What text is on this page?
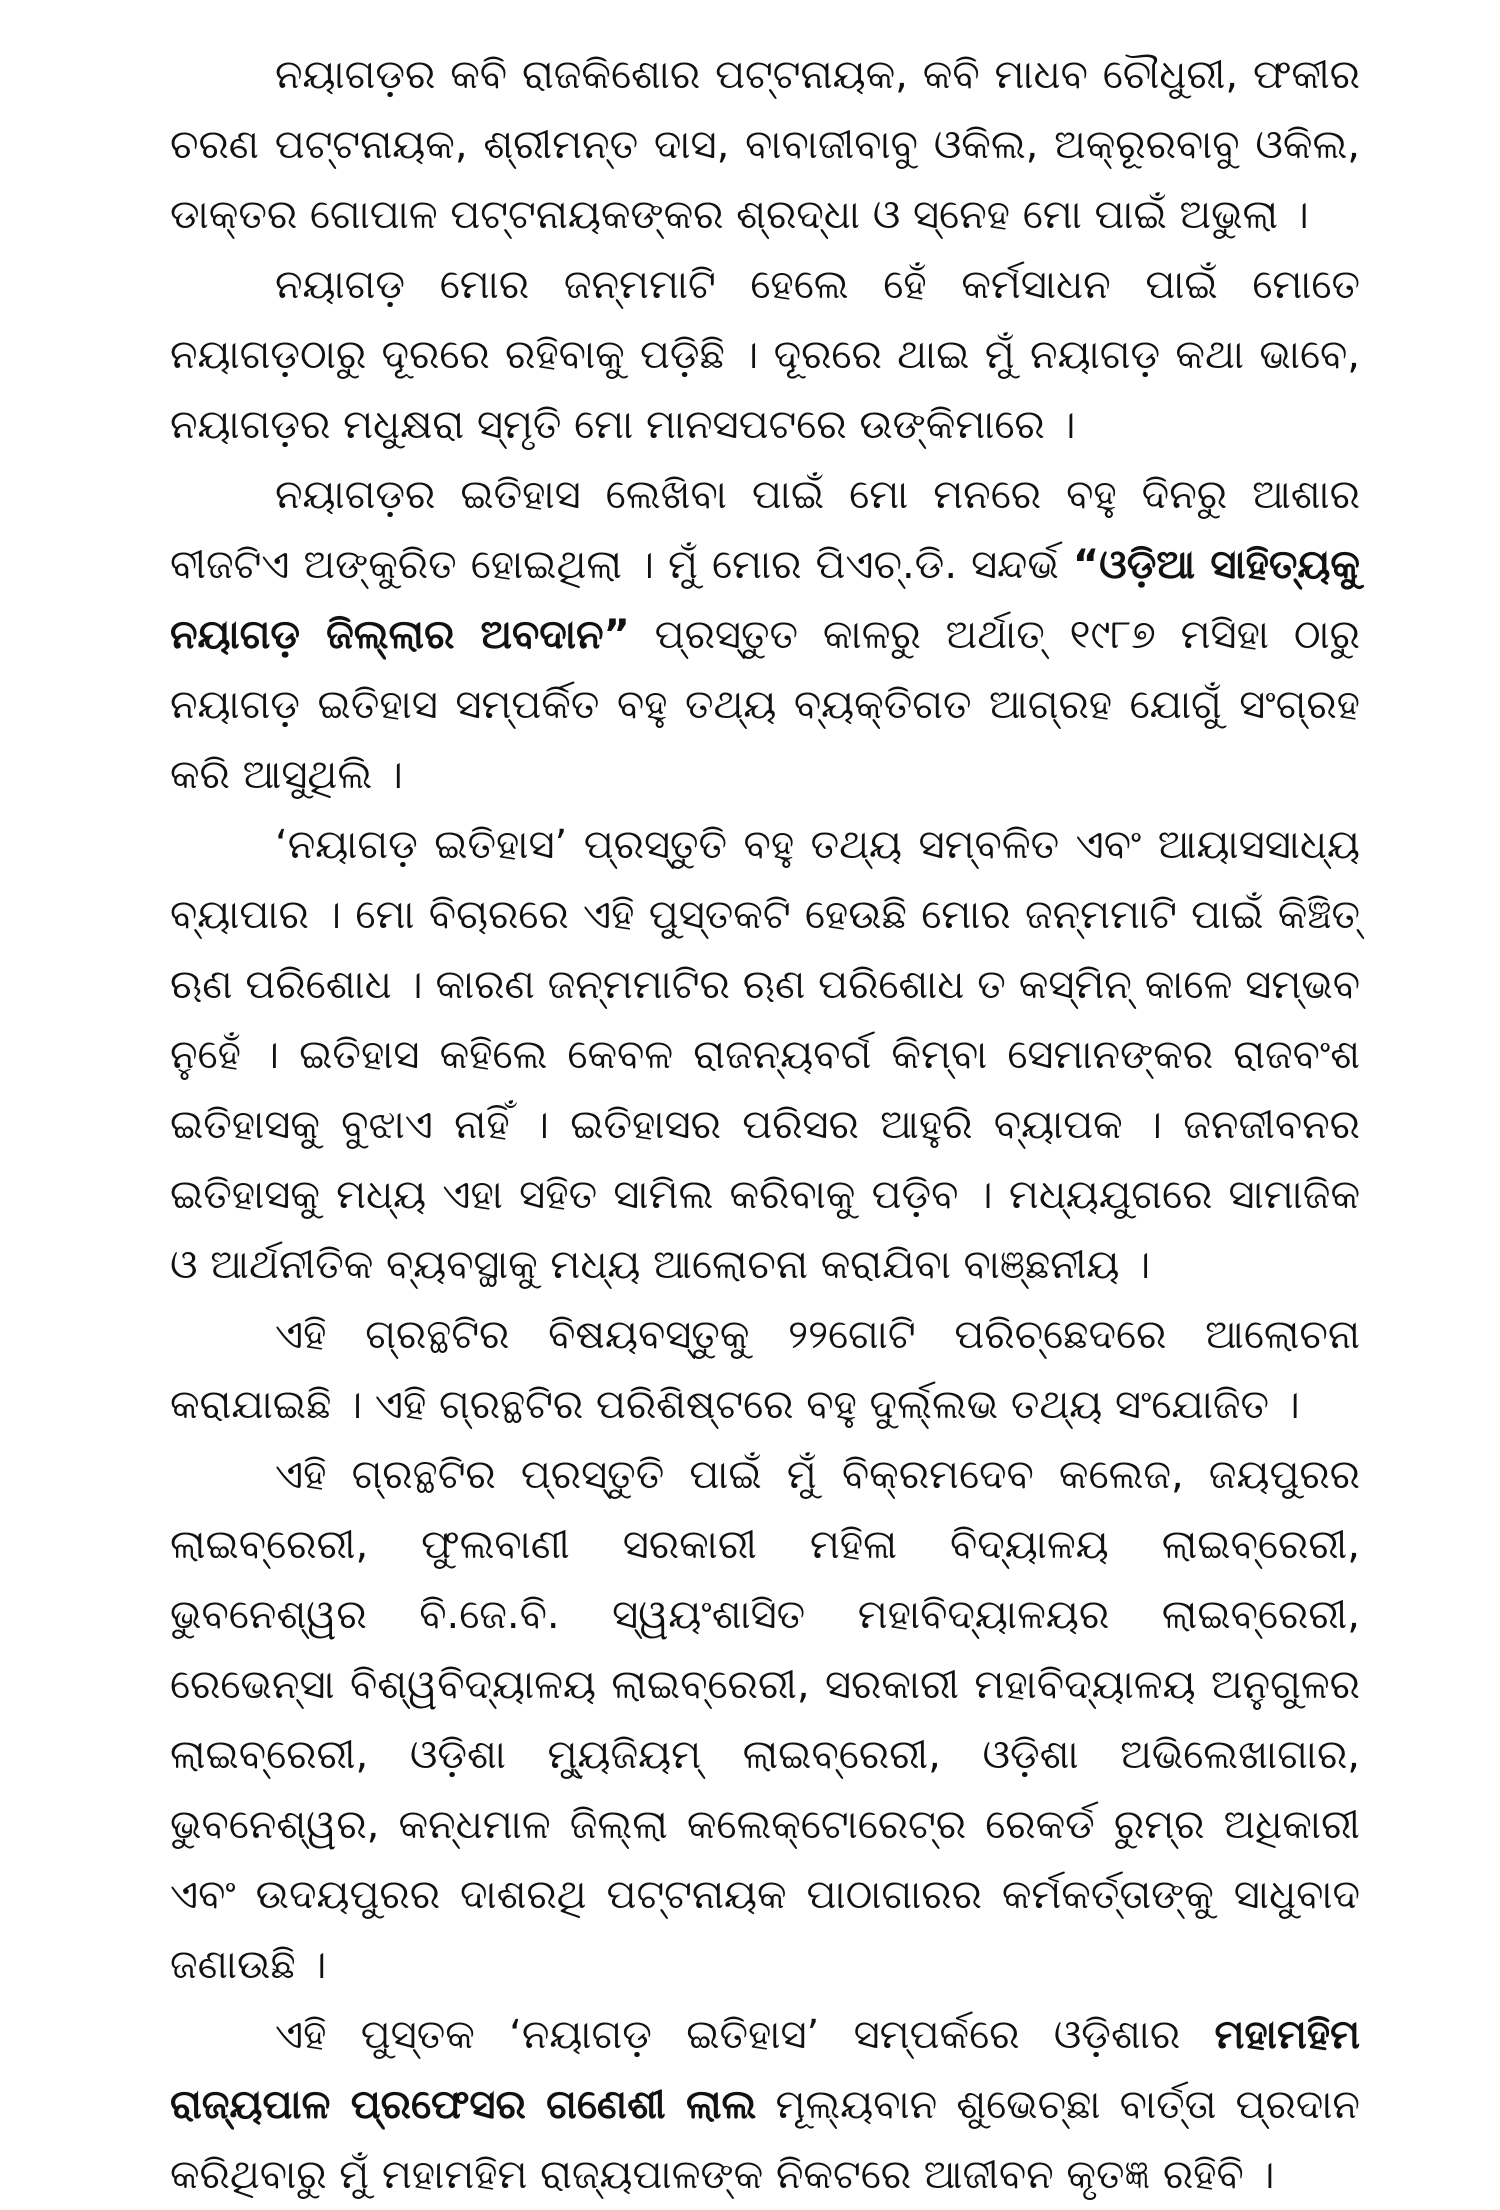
ନୟାଗଡ଼ର କବି ରାଜକିଶୋର ପଟ୍ଟନାୟକ, କବି ମାଧବ ଚୌଧୁରୀ, ଫକୀର ଚରଣ ପଟ୍ଟନାୟକ, ଶ୍ରୀମନ୍ତ ଦାସ, ବାବାଜୀବାବୁ ଓକିଲ, ଅକ୍ରୂରବାବୁ ଓକିଲ, ଡାକ୍ତର ଗୋପାଳ ପଟ୍ଟନାୟକଙ୍କର ଶ୍ରଦ୍ଧା ଓ ସ୍ନେହ ମୋ ପାଇଁ ଅଭୁଲା ।

ନୟାଗଡ଼ ମୋର ଜନ୍ମମାଟି ହେଲେ ହେଁ କର୍ମସାଧନ ପାଇଁ ମୋତେ ନୟାଗଡ଼ଠାରୁ ଦୂରରେ ରହିବାକୁ ପଡ଼ିଛି । ଦୂରରେ ଥାଇ ମୁଁ ନୟାଗଡ଼ କଥା ଭାବେ, ନୟାଗଡ଼ର ମଧୁକ୍ଷରା ସ୍ମୃତି ମୋ ମାନସପଟରେ ଉଙ୍କିମାରେ ।

ନୟାଗଡ଼ର ଇତିହାସ ଲେଖିବା ପାଇଁ ମୋ ମନରେ ବହୁ ଦିନରୁ ଆଶାର ବୀଜଟିଏ ଅଙ୍କୁରିତ ହୋଇଥିଲା । ମୁଁ ମୋର ପିଏଚ୍.ଡି. ସନ୍ଦର୍ଭ “ଓଡ଼ିଆ ସାହିତ୍ୟକୁ ନୟାଗଡ଼ ଜିଲ୍ଲାର ଅବଦାନ” ପ୍ରସ୍ତୁତ କାଳରୁ ଅର୍ଥାତ୍ ୧୯୮୭ ମସିହା ଠାରୁ ନୟାଗଡ଼ ଇତିହାସ ସମ୍ପର୍କିତ ବହୁ ତଥ୍ୟ ବ୍ୟକ୍ତିଗତ ଆଗ୍ରହ ଯୋଗୁଁ ସଂଗ୍ରହ କରି ଆସୁଥିଲି ।

‘ନୟାଗଡ଼ ଇତିହାସ’ ପ୍ରସ୍ତୁତି ବହୁ ତଥ୍ୟ ସମ୍ବଳିତ ଏବଂ ଆୟାସସାଧ୍ୟ ବ୍ୟାପାର । ମୋ ବିଚାରରେ ଏହି ପୁସ୍ତକଟି ହେଉଛି ମୋର ଜନ୍ମମାଟି ପାଇଁ କିଞ୍ଚିତ୍ ଋଣ ପରିଶୋଧ । କାରଣ ଜନ୍ମମାଟିର ଋଣ ପରିଶୋଧ ତ କସ୍ମିନ୍ କାଳେ ସମ୍ଭବ ନୁହେଁ । ଇତିହାସ କହିଲେ କେବଳ ରାଜନ୍ୟବର୍ଗ କିମ୍ବା ସେମାନଙ୍କର ରାଜବଂଶ ଇତିହାସକୁ ବୁଝାଏ ନାହିଁ । ଇତିହାସର ପରିସର ଆହୁରି ବ୍ୟାପକ । ଜନଜୀବନର ଇତିହାସକୁ ମଧ୍ୟ ଏହା ସହିତ ସାମିଲ କରିବାକୁ ପଡ଼ିବ । ମଧ୍ୟଯୁଗରେ ସାମାଜିକ ଓ ଆର୍ଥନୀତିକ ବ୍ୟବସ୍ଥାକୁ ମଧ୍ୟ ଆଲୋଚନା କରାଯିବା ବାଞ୍ଛନୀୟ ।

ଏହି ଗ୍ରନ୍ଥଟିର ବିଷୟବସ୍ତୁକୁ ୨୨ଗୋଟି ପରିଚ୍ଛେଦରେ ଆଲୋଚନା କରାଯାଇଛି । ଏହି ଗ୍ରନ୍ଥଟିର ପରିଶିଷ୍ଟରେ ବହୁ ଦୁର୍ଲ୍ଲଭ ତଥ୍ୟ ସଂଯୋଜିତ ।

ଏହି ଗ୍ରନ୍ଥଟିର ପ୍ରସ୍ତୁତି ପାଇଁ ମୁଁ ବିକ୍ରମଦେବ କଲେଜ, ଜୟପୁରର ଲାଇବ୍ରେରୀ, ଫୁଲବାଣୀ ସରକାରୀ ମହିଳା ବିଦ୍ୟାଳୟ ଲାଇବ୍ରେରୀ, ଭୁବନେଶ୍ୱର ବି.ଜେ.ବି. ସ୍ୱୟଂଶାସିତ ମହାବିଦ୍ୟାଳୟର ଲାଇବ୍ରେରୀ, ରେଭେନ୍ସା ବିଶ୍ୱବିଦ୍ୟାଳୟ ଲାଇବ୍ରେରୀ, ସରକାରୀ ମହାବିଦ୍ୟାଳୟ ଅନୁଗୁଳର ଲାଇବ୍ରେରୀ, ଓଡ଼ିଶା ମ୍ୟୁଜିୟମ୍ ଲାଇବ୍ରେରୀ, ଓଡ଼ିଶା ଅଭିଲେଖାଗାର, ଭୁବନେଶ୍ୱର, କନ୍ଧମାଳ ଜିଲ୍ଲା କଲେକ୍ଟୋରେଟ୍‌ର ରେକର୍ଡ ରୁମ୍‌ର ଅଧିକାରୀ ଏବଂ ଉଦୟପୁରର ଦାଶରଥି ପଟ୍ଟନାୟକ ପାଠାଗାରର କର୍ମକର୍ତ୍ତାଙ୍କୁ ସାଧୁବାଦ ଜଣାଉଛି ।

ଏହି ପୁସ୍ତକ ‘ନୟାଗଡ଼ ଇତିହାସ’ ସମ୍ପର୍କରେ ଓଡ଼ିଶାର ମହାମହିମ ରାଜ୍ୟପାଳ ପ୍ରଫେସର ଗଣେଶୀ ଲାଲ ମୂଲ୍ୟବାନ ଶୁଭେଚ୍ଛା ବାର୍ତ୍ତା ପ୍ରଦାନ କରିଥିବାରୁ ମୁଁ ମହାମହିମ ରାଜ୍ୟପାଳଙ୍କ ନିକଟରେ ଆଜୀବନ କୃତଜ୍ଞ ରହିବି ।
